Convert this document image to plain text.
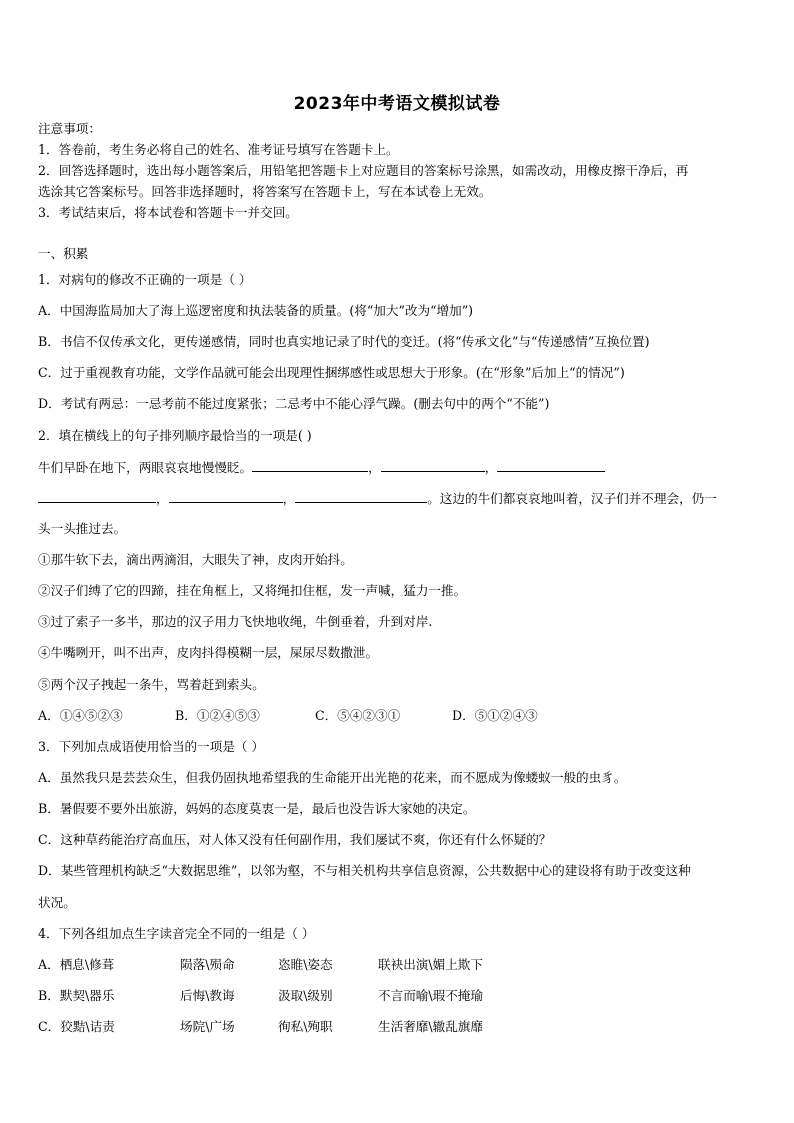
2023年中考语文模拟试卷
注意事项：
1．答卷前，考生务必将自己的姓名、准考证号填写在答题卡上。
2．回答选择题时，选出每小题答案后，用铅笔把答题卡上对应题目的答案标号涂黑，如需改动，用橡皮擦干净后，再
选涂其它答案标号。回答非选择题时，将答案写在答题卡上，写在本试卷上无效。
3．考试结束后，将本试卷和答题卡一并交回。
一、积累
1．对病句的修改不正确的一项是（ ）
A．中国海监局加大了海上巡逻密度和执法装备的质量。(将“加大”改为“增加”)
B．书信不仅传承文化，更传递感情，同时也真实地记录了时代的变迁。(将“传承文化”与“传递感情”互换位置)
C．过于重视教育功能，文学作品就可能会出现理性捆绑感性或思想大于形象。(在“形象”后加上“的情况”)
D．考试有两忌：一忌考前不能过度紧张；二忌考中不能心浮气躁。(删去句中的两个“不能”)
2．填在横线上的句子排列顺序最恰当的一项是( )
牛们早卧在地下，两眼哀哀地慢慢眨。	，	，
，	，	。这边的牛们都哀哀地叫着，汉子们并不理会，仍一
头一头推过去。
①那牛软下去，滴出两滴泪，大眼失了神，皮肉开始抖。
②汉子们缚了它的四蹄，挂在角框上，又将绳扣住框，发一声喊，猛力一推。
③过了索子一多半，那边的汉子用力飞快地收绳，牛倒垂着，升到对岸.
④牛嘴咧开，叫不出声，皮肉抖得模糊一层，屎尿尽数撒泄。
⑤两个汉子拽起一条牛，骂着赶到索头。
A．①④⑤②③	B．①②④⑤③	C．⑤④②③①	D．⑤①②④③
3．下列加点成语使用恰当的一项是（ ）
A．虽然我只是芸芸众生，但我仍固执地希望我的生命能开出光艳的花来，而不愿成为像蝼蚁一般的虫豸。
B．暑假要不要外出旅游，妈妈的态度莫衷一是，最后也没告诉大家她的决定。
C．这种草药能治疗高血压，对人体又没有任何副作用，我们屡试不爽，你还有什么怀疑的？
D．某些管理机构缺乏“大数据思维”，以邻为壑，不与相关机构共享信息资源，公共数据中心的建设将有助于改变这种
状况。
4．下列各组加点生字读音完全不同的一组是（ ）
A．栖息\修葺	陨落\殒命	恣睢\姿态	联袂出演\媚上欺下
B．默契\器乐	后悔\教诲	汲取\级别	不言而喻\瑕不掩瑜
C．狡黠\诘责	场院\广场	徇私\殉职	生活奢靡\辙乱旗靡
